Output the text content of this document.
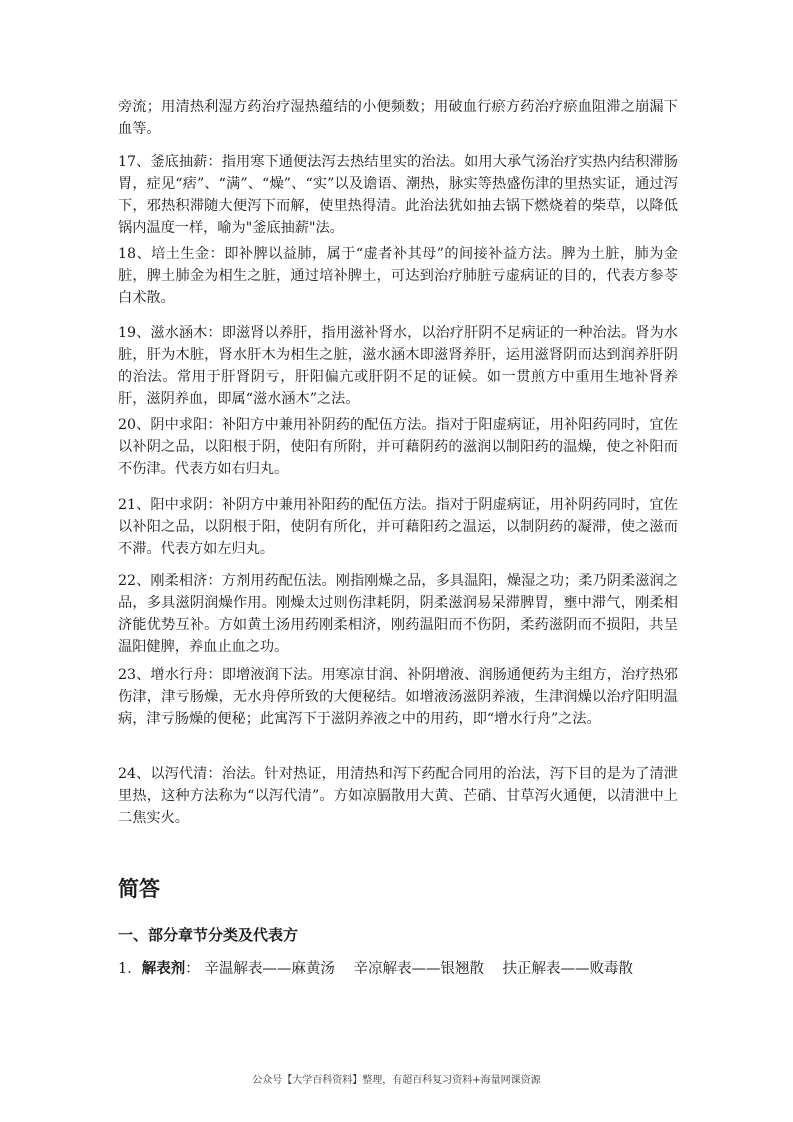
旁流；用清热利湿方药治疗湿热蕴结的小便频数；用破血行瘀方药治疗瘀血阻滞之崩漏下血等。

17、釜底抽薪：指用寒下通便法泻去热结里实的治法。如用大承气汤治疗实热内结积滞肠胃，症见“痞”、“满”、“燥”、“实”以及谵语、潮热，脉实等热盛伤津的里热实证，通过泻下，邪热积滞随大便泻下而解，使里热得清。此治法犹如抽去锅下燃烧着的柴草，以降低锅内温度一样，喻为"釜底抽薪"法。

18、培土生金：即补脾以益肺，属于“虚者补其母”的间接补益方法。脾为土脏，肺为金脏，脾土肺金为相生之脏，通过培补脾土，可达到治疗肺脏亏虚病证的目的，代表方参苓白术散。

19、滋水涵木：即滋肾以养肝，指用滋补肾水，以治疗肝阴不足病证的一种治法。肾为水脏，肝为木脏，肾水肝木为相生之脏，滋水涵木即滋肾养肝，运用滋肾阴而达到润养肝阴的治法。常用于肝肾阴亏，肝阳偏亢或肝阴不足的证候。如一贯煎方中重用生地补肾养肝，滋阴养血，即属“滋水涵木”之法。

20、阴中求阳：补阳方中兼用补阴药的配伍方法。指对于阳虚病证，用补阳药同时，宜佐以补阴之品，以阳根于阴，使阳有所附，并可藉阴药的滋润以制阳药的温燥，使之补阳而不伤津。代表方如右归丸。

21、阳中求阴：补阴方中兼用补阳药的配伍方法。指对于阴虚病证，用补阴药同时，宜佐以补阳之品，以阴根于阳，使阴有所化，并可藉阳药之温运，以制阴药的凝滞，使之滋而不滞。代表方如左归丸。

22、刚柔相济：方剂用药配伍法。刚指刚燥之品，多具温阳，燥湿之功；柔乃阴柔滋润之品，多具滋阴润燥作用。刚燥太过则伤津耗阴，阴柔滋润易呆滞脾胃，壅中滞气，刚柔相济能优势互补。方如黄土汤用药刚柔相济，刚药温阳而不伤阴，柔药滋阴而不损阳，共呈温阳健脾，养血止血之功。

23、增水行舟：即增液润下法。用寒凉甘润、补阴增液、润肠通便药为主组方，治疗热邪伤津，津亏肠燥，无水舟停所致的大便秘结。如增液汤滋阴养液，生津润燥以治疗阳明温病，津亏肠燥的便秘；此寓泻下于滋阴养液之中的用药，即“增水行舟”之法。

24、以泻代清：治法。针对热证，用清热和泻下药配合同用的治法，泻下目的是为了清泄里热，这种方法称为“以泻代清”。方如凉膈散用大黄、芒硝、甘草泻火通便，以清泄中上二焦实火。

简答
一、部分章节分类及代表方

1．解表剂： 辛温解表——麻黄汤 辛凉解表——银翘散 扶正解表——败毒散

公众号【大学百科资料】整理，有超百科复习资料+海量网课资源
